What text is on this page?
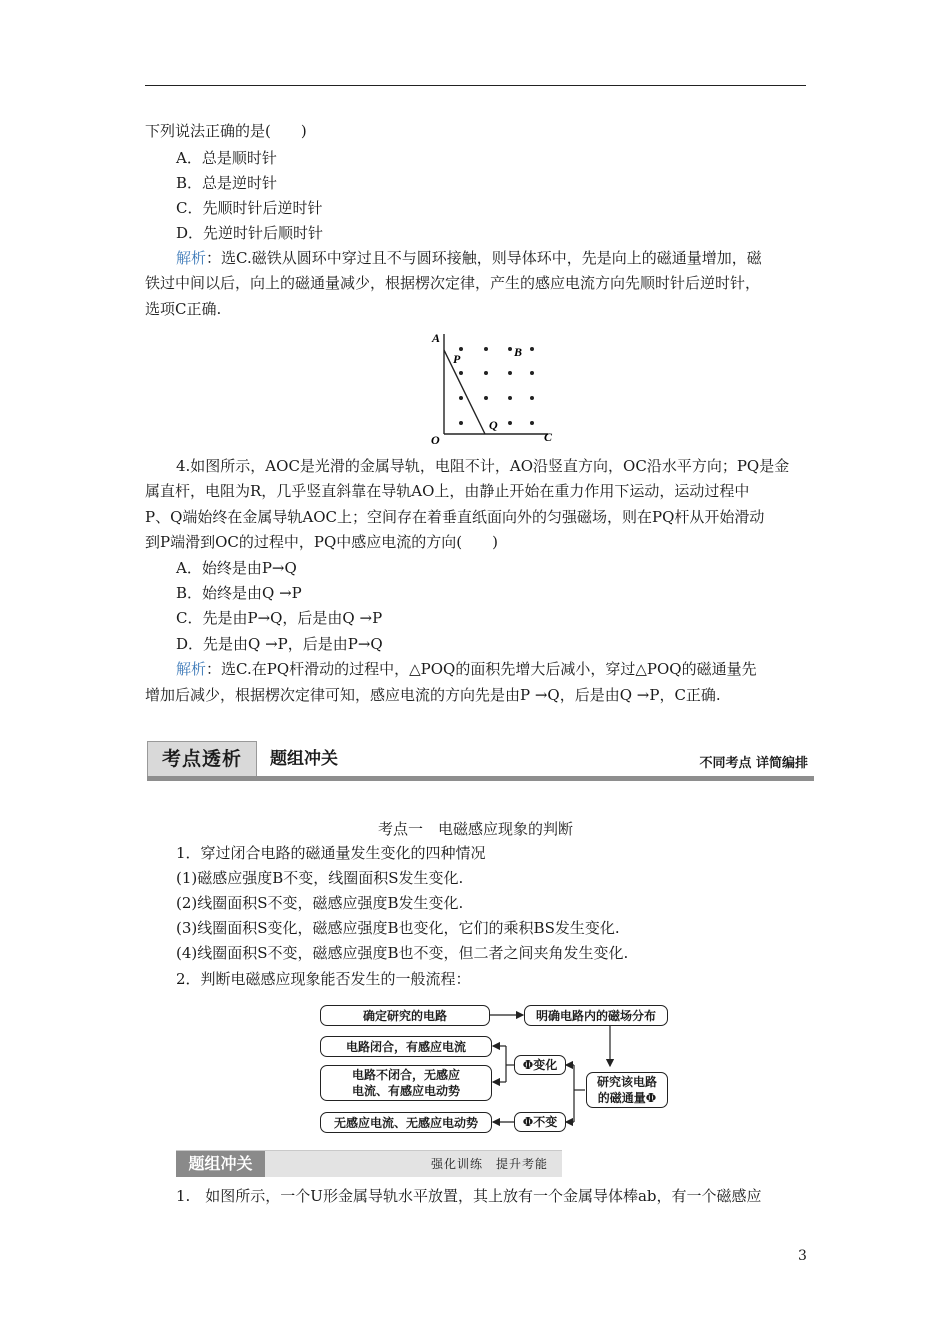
下列说法正确的是(　　)
A．总是顺时针
B．总是逆时针
C．先顺时针后逆时针
D．先逆时针后顺时针
解析：选C.磁铁从圆环中穿过且不与圆环接触，则导体环中，先是向上的磁通量增加，磁
铁过中间以后，向上的磁通量减少，根据楞次定律，产生的感应电流方向先顺时针后逆时针，
选项C正确.
A
P	B
Q
O	C
4.如图所示，AOC是光滑的金属导轨，电阻不计，AO沿竖直方向，OC沿水平方向；PQ是金
属直杆，电阻为R，几乎竖直斜靠在导轨AO上，由静止开始在重力作用下运动，运动过程中
P、Q端始终在金属导轨AOC上；空间存在着垂直纸面向外的匀强磁场，则在PQ杆从开始滑动
到P端滑到OC的过程中，PQ中感应电流的方向(　　)
A．始终是由P→Q
B．始终是由Q →P
C．先是由P→Q，后是由Q →P
D．先是由Q →P，后是由P→Q
解析：选C.在PQ杆滑动的过程中，△POQ的面积先增大后减小，穿过△POQ的磁通量先
增加后减少，根据楞次定律可知，感应电流的方向先是由P →Q，后是由Q →P，C正确.
考点透析	题组冲关	不同考点 详简编排
考点一　电磁感应现象的判断
1．穿过闭合电路的磁通量发生变化的四种情况
(1)磁感应强度B不变，线圈面积S发生变化.
(2)线圈面积S不变，磁感应强度B发生变化.
(3)线圈面积S变化，磁感应强度B也变化，它们的乘积BS发生变化.
(4)线圈面积S不变，磁感应强度B也不变，但二者之间夹角发生变化.
2．判断电磁感应现象能否发生的一般流程：
确定研究的电路	明确电路内的磁场分布
电路闭合，有感应电流
电路不闭合，无感应
电流、有感应电动势
Φ变化
研究该电路
的磁通量Φ
无感应电流、无感应电动势	Φ不变
题组冲关	强化训练　提升考能
1.　如图所示，一个U形金属导轨水平放置，其上放有一个金属导体棒ab，有一个磁感应
3
